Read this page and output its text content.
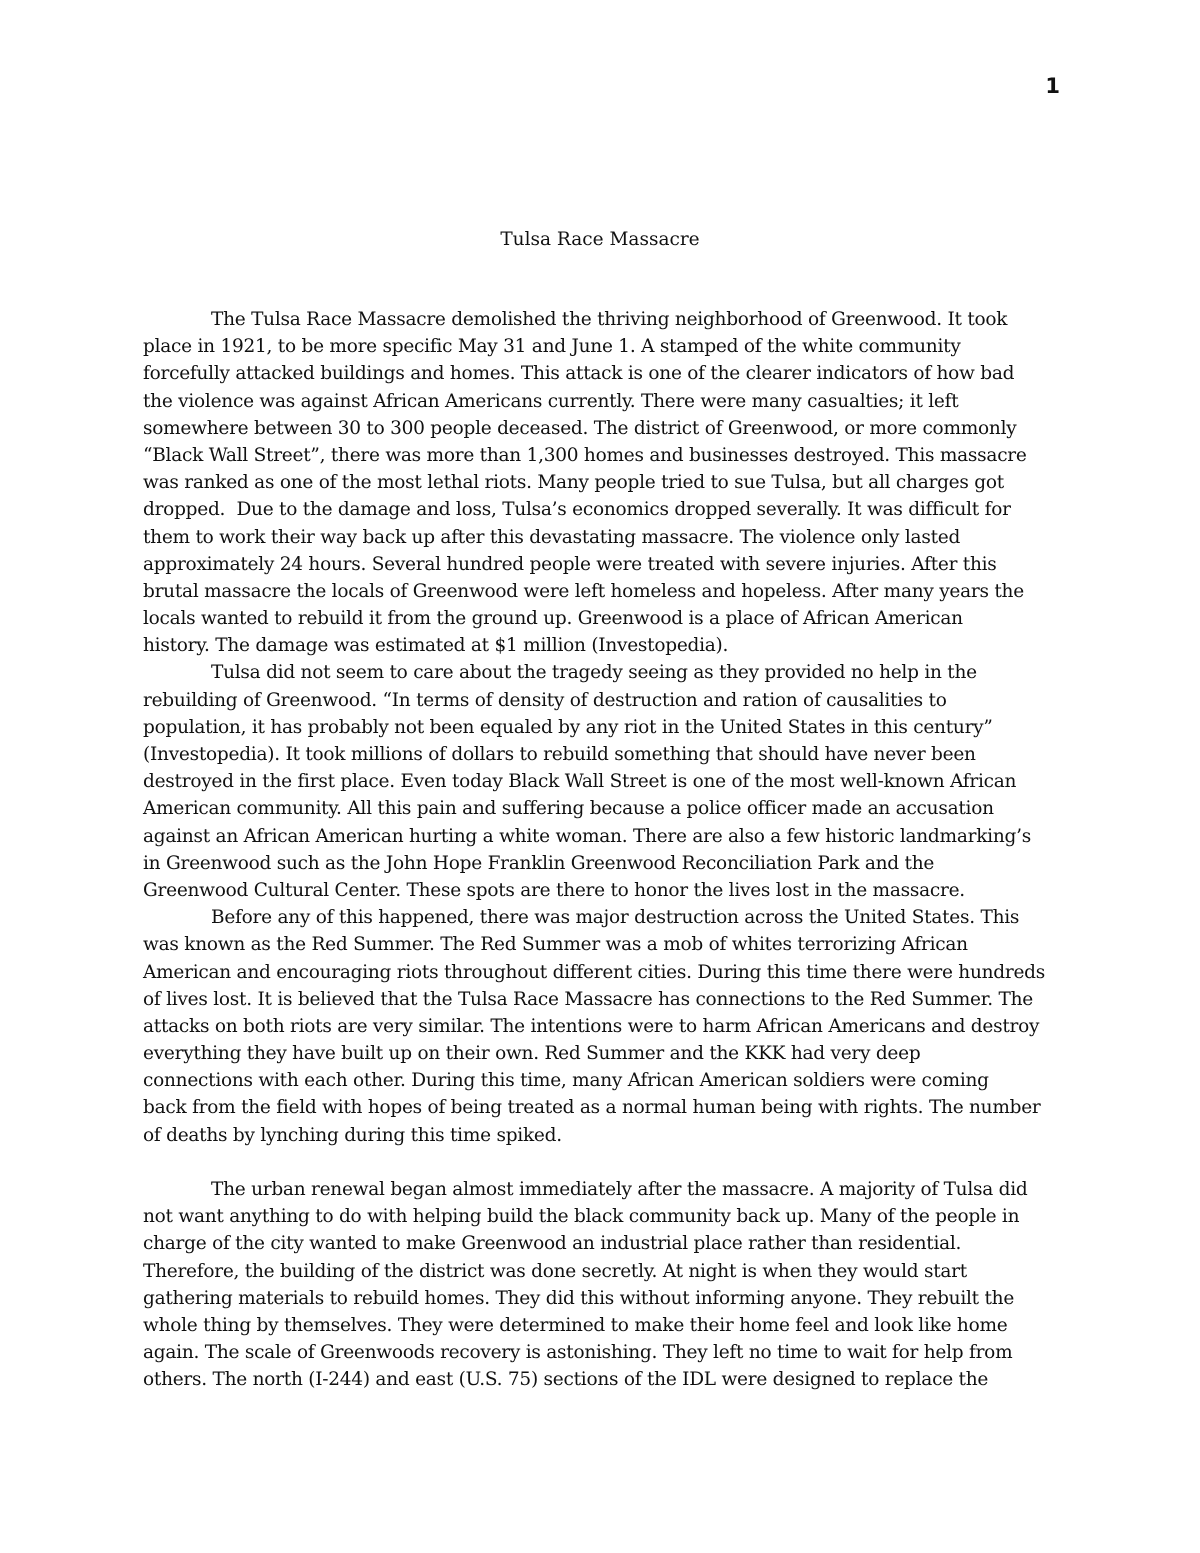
1
Tulsa Race Massacre
The Tulsa Race Massacre demolished the thriving neighborhood of Greenwood. It took
place in 1921, to be more specific May 31 and June 1. A stamped of the white community
forcefully attacked buildings and homes. This attack is one of the clearer indicators of how bad
the violence was against African Americans currently. There were many casualties; it left
somewhere between 30 to 300 people deceased. The district of Greenwood, or more commonly
“Black Wall Street”, there was more than 1,300 homes and businesses destroyed. This massacre
was ranked as one of the most lethal riots. Many people tried to sue Tulsa, but all charges got
dropped.  Due to the damage and loss, Tulsa’s economics dropped severally. It was difficult for
them to work their way back up after this devastating massacre. The violence only lasted
approximately 24 hours. Several hundred people were treated with severe injuries. After this
brutal massacre the locals of Greenwood were left homeless and hopeless. After many years the
locals wanted to rebuild it from the ground up. Greenwood is a place of African American
history. The damage was estimated at $1 million (Investopedia).
Tulsa did not seem to care about the tragedy seeing as they provided no help in the
rebuilding of Greenwood. “In terms of density of destruction and ration of causalities to
population, it has probably not been equaled by any riot in the United States in this century”
(Investopedia). It took millions of dollars to rebuild something that should have never been
destroyed in the first place. Even today Black Wall Street is one of the most well-known African
American community. All this pain and suffering because a police officer made an accusation
against an African American hurting a white woman. There are also a few historic landmarking’s
in Greenwood such as the John Hope Franklin Greenwood Reconciliation Park and the
Greenwood Cultural Center. These spots are there to honor the lives lost in the massacre.
Before any of this happened, there was major destruction across the United States. This
was known as the Red Summer. The Red Summer was a mob of whites terrorizing African
American and encouraging riots throughout different cities. During this time there were hundreds
of lives lost. It is believed that the Tulsa Race Massacre has connections to the Red Summer. The
attacks on both riots are very similar. The intentions were to harm African Americans and destroy
everything they have built up on their own. Red Summer and the KKK had very deep
connections with each other. During this time, many African American soldiers were coming
back from the field with hopes of being treated as a normal human being with rights. The number
of deaths by lynching during this time spiked.
The urban renewal began almost immediately after the massacre. A majority of Tulsa did
not want anything to do with helping build the black community back up. Many of the people in
charge of the city wanted to make Greenwood an industrial place rather than residential.
Therefore, the building of the district was done secretly. At night is when they would start
gathering materials to rebuild homes. They did this without informing anyone. They rebuilt the
whole thing by themselves. They were determined to make their home feel and look like home
again. The scale of Greenwoods recovery is astonishing. They left no time to wait for help from
others. The north (I-244) and east (U.S. 75) sections of the IDL were designed to replace the
